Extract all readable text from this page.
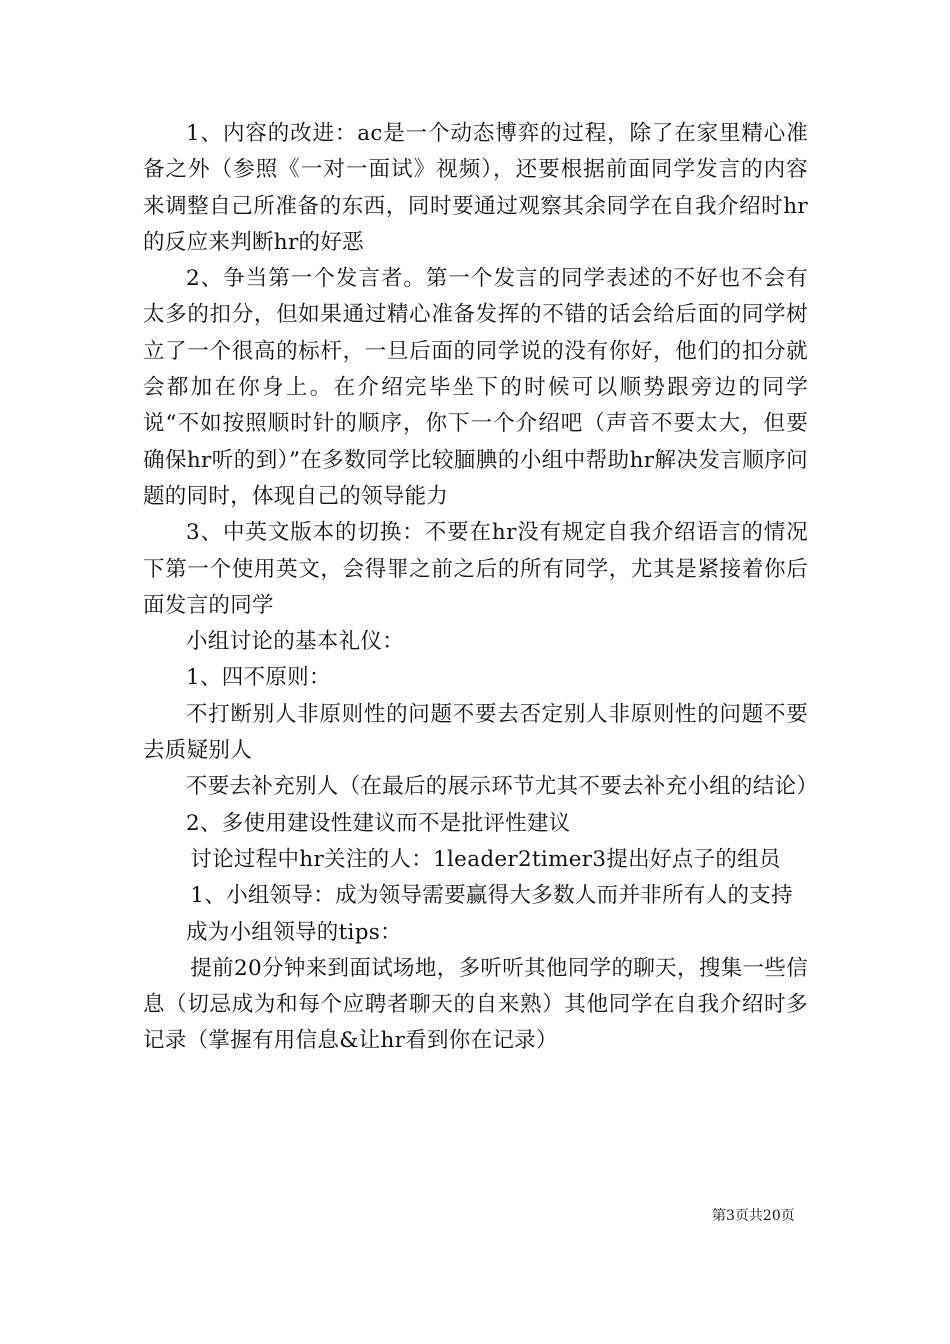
1、内容的改进：ac是一个动态博弈的过程，除了在家里精心准备之外（参照《一对一面试》视频），还要根据前面同学发言的内容来调整自己所准备的东西，同时要通过观察其余同学在自我介绍时hr的反应来判断hr的好恶

2、争当第一个发言者。第一个发言的同学表述的不好也不会有太多的扣分，但如果通过精心准备发挥的不错的话会给后面的同学树立了一个很高的标杆，一旦后面的同学说的没有你好，他们的扣分就会都加在你身上。在介绍完毕坐下的时候可以顺势跟旁边的同学说“不如按照顺时针的顺序，你下一个介绍吧（声音不要太大，但要确保hr听的到）”在多数同学比较腼腆的小组中帮助hr解决发言顺序问题的同时，体现自己的领导能力

3、中英文版本的切换：不要在hr没有规定自我介绍语言的情况下第一个使用英文，会得罪之前之后的所有同学，尤其是紧接着你后面发言的同学

小组讨论的基本礼仪：

1、四不原则：

不打断别人非原则性的问题不要去否定别人非原则性的问题不要去质疑别人

不要去补充别人（在最后的展示环节尤其不要去补充小组的结论）

2、多使用建设性建议而不是批评性建议

讨论过程中hr关注的人：1leader2timer3提出好点子的组员

1、小组领导：成为领导需要赢得大多数人而并非所有人的支持

成为小组领导的tips：

提前20分钟来到面试场地，多听听其他同学的聊天，搜集一些信息（切忌成为和每个应聘者聊天的自来熟）其他同学在自我介绍时多记录（掌握有用信息&让hr看到你在记录）

第3页共20页
